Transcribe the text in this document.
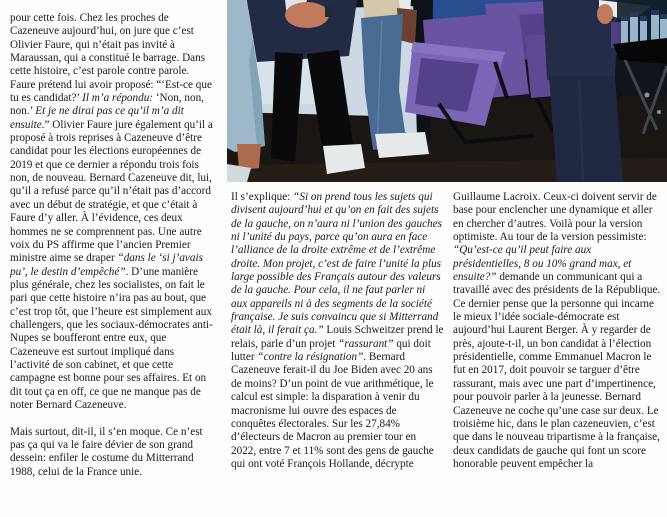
pour cette fois. Chez les proches de Cazeneuve aujourd’hui, on jure que c’est Olivier Faure, qui n’était pas invité à Maraussan, qui a constitué le barrage. Dans cette histoire, c’est parole contre parole. Faure prétend lui avoir proposé: “‘Est-ce que tu es candidat?’ Il m’a répondu: ‘Non, non, non.’ Et je ne dirai pas ce qu’il m’a dit ensuite.” Olivier Faure jure également qu’il a proposé à trois reprises à Cazeneuve d’être candidat pour les élections européennes de 2019 et que ce dernier a répondu trois fois non, de nouveau. Bernard Cazeneuve dit, lui, qu’il a refusé parce qu’il n’était pas d’accord avec un début de stratégie, et que c’était à Faure d’y aller. À l’évidence, ces deux hommes ne se comprennent pas. Une autre voix du PS affirme que l’ancien Premier ministre aime se draper “dans le ‘si j’avais pu’, le destin d’empêché”. D’une manière plus générale, chez les socialistes, on fait le pari que cette histoire n’ira pas au bout, que c’est trop tôt, que l’heure est simplement aux challengers, que les sociaux-démocrates anti-Nupes se boufferont entre eux, que Cazeneuve est surtout impliqué dans l’activité de son cabinet, et que cette campagne est bonne pour ses affaires. Et on dit tout ça en off, ce que ne manque pas de noter Bernard Cazeneuve.

Mais surtout, dit-il, il s’en moque. Ce n’est pas ça qui va le faire dévier de son grand dessein: enfiler le costume du Mitterrand 1988, celui de la France unie.

Il s’explique: “Si on prend tous les sujets qui divisent aujourd’hui et qu’on en fait des sujets de la gauche, on n’aura ni l’union des gauches ni l’unité du pays, parce qu’on aura en face l’alliance de la droite extrême et de l’extrême droite. Mon projet, c’est de faire l’unité la plus large possible des Français autour des valeurs de la gauche. Pour cela, il ne faut parler ni aux appareils ni à des segments de la société française. Je suis convaincu que si Mitterrand était là, il ferait ça.” Louis Schweitzer prend le relais, parle d’un projet “rassurant” qui doit lutter “contre la résignation”. Bernard Cazeneuve ferait-il du Joe Biden avec 20 ans de moins? D’un point de vue arithmétique, le calcul est simple: la disparation à venir du macronisme lui ouvre des espaces de conquêtes électorales. Sur les 27,84% d’électeurs de Macron au premier tour en 2022, entre 7 et 11% sont des gens de gauche qui ont voté François Hollande, décrypte

Guillaume Lacroix. Ceux-ci doivent servir de base pour enclencher une dynamique et aller en chercher d’autres. Voilà pour la version optimiste. Au tour de la version pessimiste: “Qu’est-ce qu’il peut faire aux présidentielles, 8 ou 10% grand max, et ensuite?” demande un communicant qui a travaillé avec des présidents de la République. Ce dernier pense que la personne qui incarne le mieux l’idée sociale-démocrate est aujourd’hui Laurent Berger. À y regarder de près, ajoute-t-il, un bon candidat à l’élection présidentielle, comme Emmanuel Macron le fut en 2017, doit pouvoir se targuer d’être rassurant, mais avec une part d’impertinence, pour pouvoir parler à la jeunesse. Bernard Cazeneuve ne coche qu’une case sur deux. Le troisième hic, dans le plan cazeneuvien, c’est que dans le nouveau tripartisme à la française, deux candidats de gauche qui font un score honorable peuvent empêcher la
